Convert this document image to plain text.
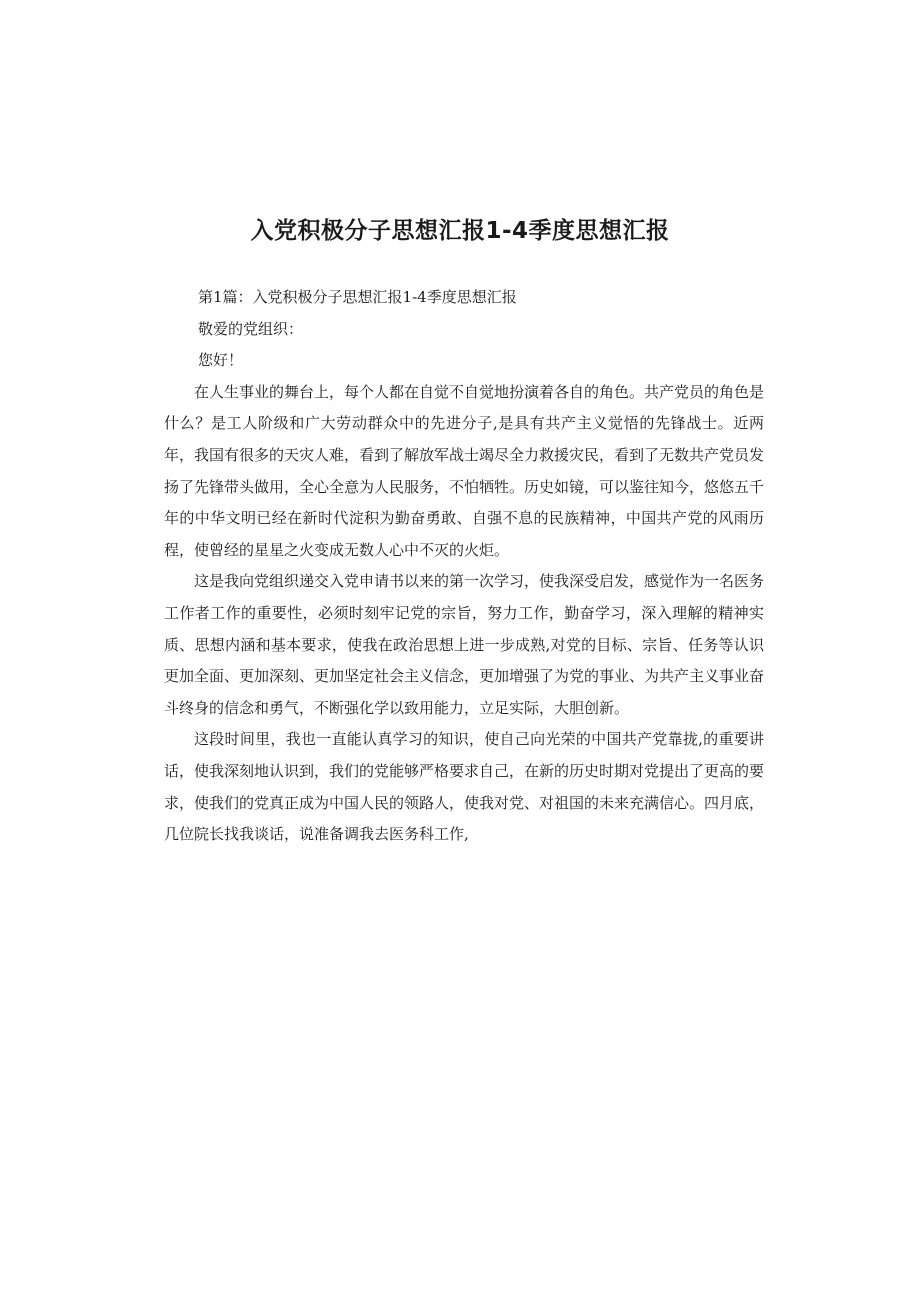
入党积极分子思想汇报1-4季度思想汇报

第1篇：入党积极分子思想汇报1-4季度思想汇报

敬爱的党组织：

您好！

在人生事业的舞台上，每个人都在自觉不自觉地扮演着各自的角色。共产党员的角色是什么？是工人阶级和广大劳动群众中的先进分子,是具有共产主义觉悟的先锋战士。近两年，我国有很多的天灾人难，看到了解放军战士竭尽全力救援灾民，看到了无数共产党员发扬了先锋带头做用，全心全意为人民服务，不怕牺牲。历史如镜，可以鉴往知今，悠悠五千年的中华文明已经在新时代淀积为勤奋勇敢、自强不息的民族精神，中国共产党的风雨历程，使曾经的星星之火变成无数人心中不灭的火炬。

这是我向党组织递交入党申请书以来的第一次学习，使我深受启发，感觉作为一名医务工作者工作的重要性，必须时刻牢记党的宗旨，努力工作，勤奋学习，深入理解的精神实质、思想内涵和基本要求，使我在政治思想上进一步成熟,对党的目标、宗旨、任务等认识更加全面、更加深刻、更加坚定社会主义信念，更加增强了为党的事业、为共产主义事业奋斗终身的信念和勇气，不断强化学以致用能力，立足实际，大胆创新。

这段时间里，我也一直能认真学习的知识，使自己向光荣的中国共产党靠拢,的重要讲话，使我深刻地认识到，我们的党能够严格要求自己，在新的历史时期对党提出了更高的要求，使我们的党真正成为中国人民的领路人，使我对党、对祖国的未来充满信心。四月底，几位院长找我谈话，说准备调我去医务科工作,
